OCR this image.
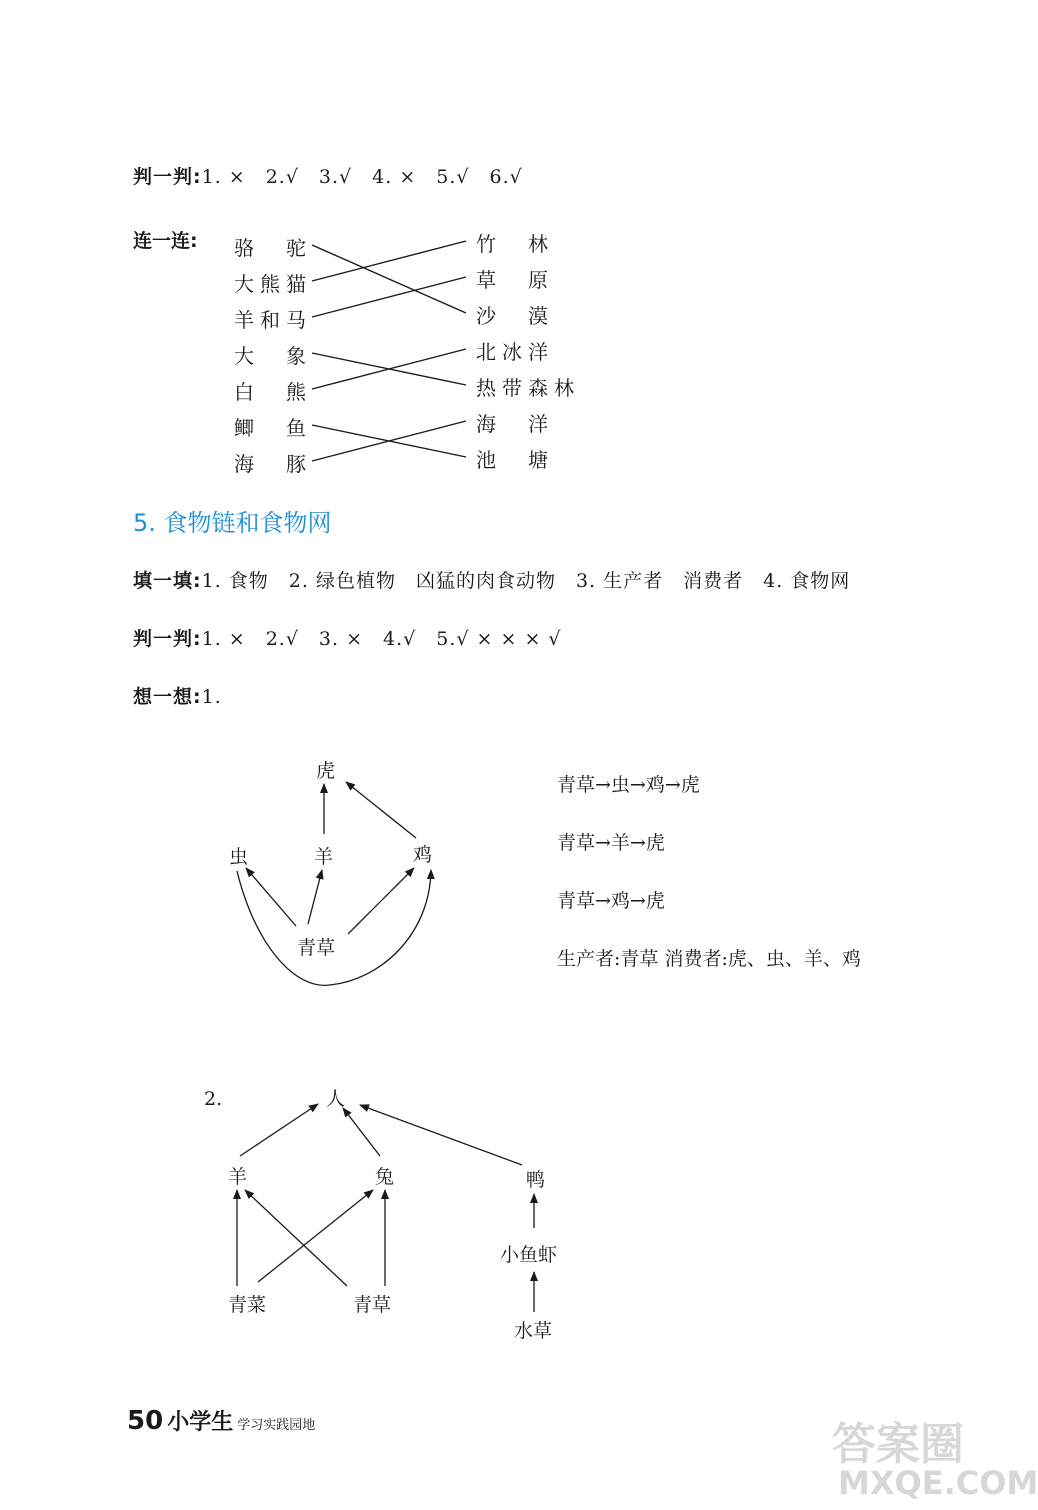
判一判:1. ×　2.√　3.√　4. ×　5.√　6.√
连一连: 骆　驼
大熊猫
羊和马
大　象
白　熊
鲫　鱼
海　豚
竹　林
草　原
沙　漠
北冰洋
热带森林
海　洋
池　塘
5. 食物链和食物网
填一填:1. 食物　2. 绿色植物　凶猛的肉食动物　3. 生产者　消费者　4. 食物网
判一判:1. ×　2.√　3. ×　4.√　5.√ × × × √
想一想:1.
虎
虫	羊	鸡
青草
青草→虫→鸡→虎
青草→羊→虎
青草→鸡→虎
生产者:青草 消费者:虎、虫、羊、鸡
2.	人
羊	兔	鸭
小鱼虾
青菜	青草
水草
50 小学生 学习实践园地	答案圈
MXQE.COM
